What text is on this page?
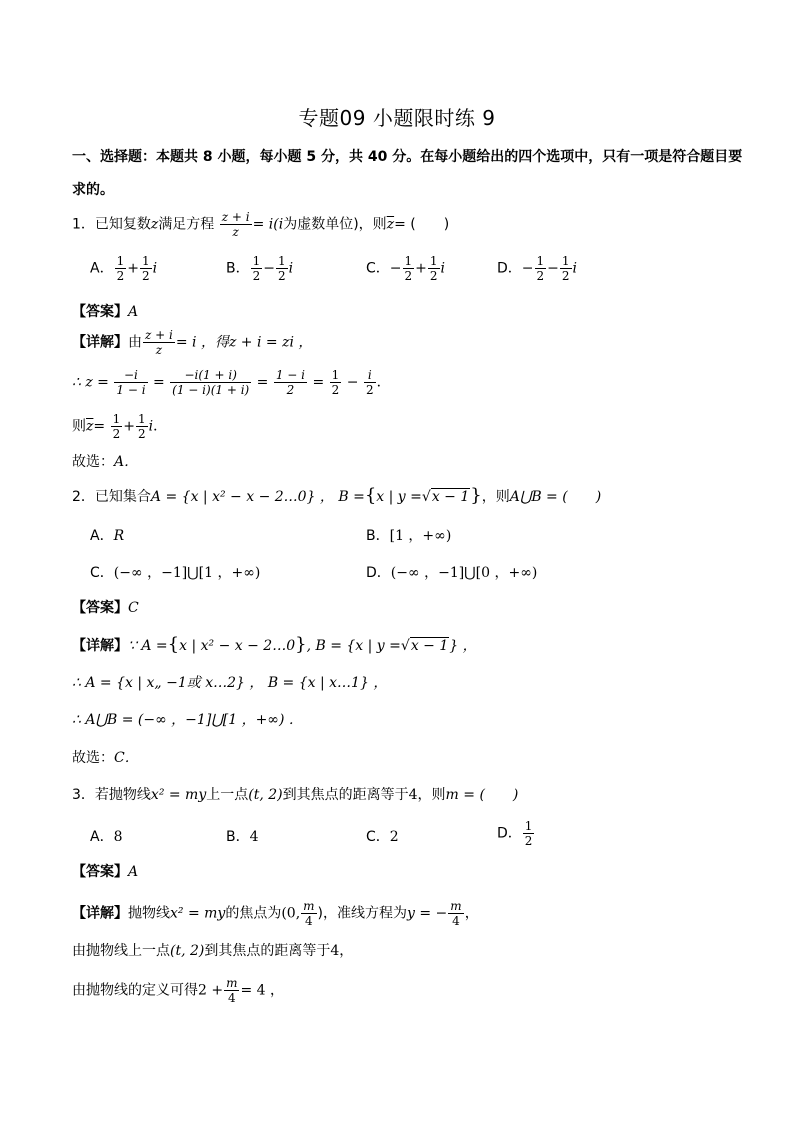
专题09 小题限时练 9
一、选择题：本题共 8 小题，每小题 5 分，共 40 分。在每小题给出的四个选项中，只有一项是符合题目要
求的。
1．已知复数z满足方程 $\frac{z + i}{z} = i(i$为虚数单位)，则$\overline{z}=$ (　　)
A． $\frac{1}{2} + \frac{1}{2}$ i	B． $\frac{1}{2} - \frac{1}{2}$ i	C．− $\frac{1}{2} + \frac{1}{2}$ i	D．− $\frac{1}{2} - \frac{1}{2}$ i
【答案】A
【详解】由 $\frac{z + i}{z} = i$ ，得z + i = zi ，
∴ $z = \frac{-i}{1 - i} = \frac{-i(1 + i)}{(1 - i)(1 + i)} = \frac{1 - i}{2} = \frac{1}{2} - \frac{i}{2}$ ．
则$\overline{z}= \frac{1}{2} + \frac{1}{2}$ i．
故选：A．
2．已知集合A = {x | x² − x − 2…0} ， B ={x | y =√x − 1}，则A⋃B = (　　)
A．R	B．[1 ，+∞)
C．(−∞ ，−1]⋃[1 ，+∞)	D．(−∞ ，−1]⋃[0 ，+∞)
【答案】C
【详解】∵ A ={x | x² − x − 2…0}, B = {x | y =√x − 1} ，
∴ A = {x | x„ −1或 x…2} ， B = {x | x…1} ，
∴ A⋃B = (−∞ ，−1]⋃[1 ，+∞) ．
故选：C．
3．若抛物线x² = my上一点(t, 2)到其焦点的距离等于4，则m = (　　)
A．8	B．4	C．2	D． $\frac{1}{2}$
【答案】A
【详解】抛物线x² = my的焦点为(0, $\frac{m}{4}$ )，准线方程为y = − $\frac{m}{4}$ ，
由抛物线上一点(t, 2)到其焦点的距离等于4，
由抛物线的定义可得$2 + \frac{m}{4} = 4$ ，
